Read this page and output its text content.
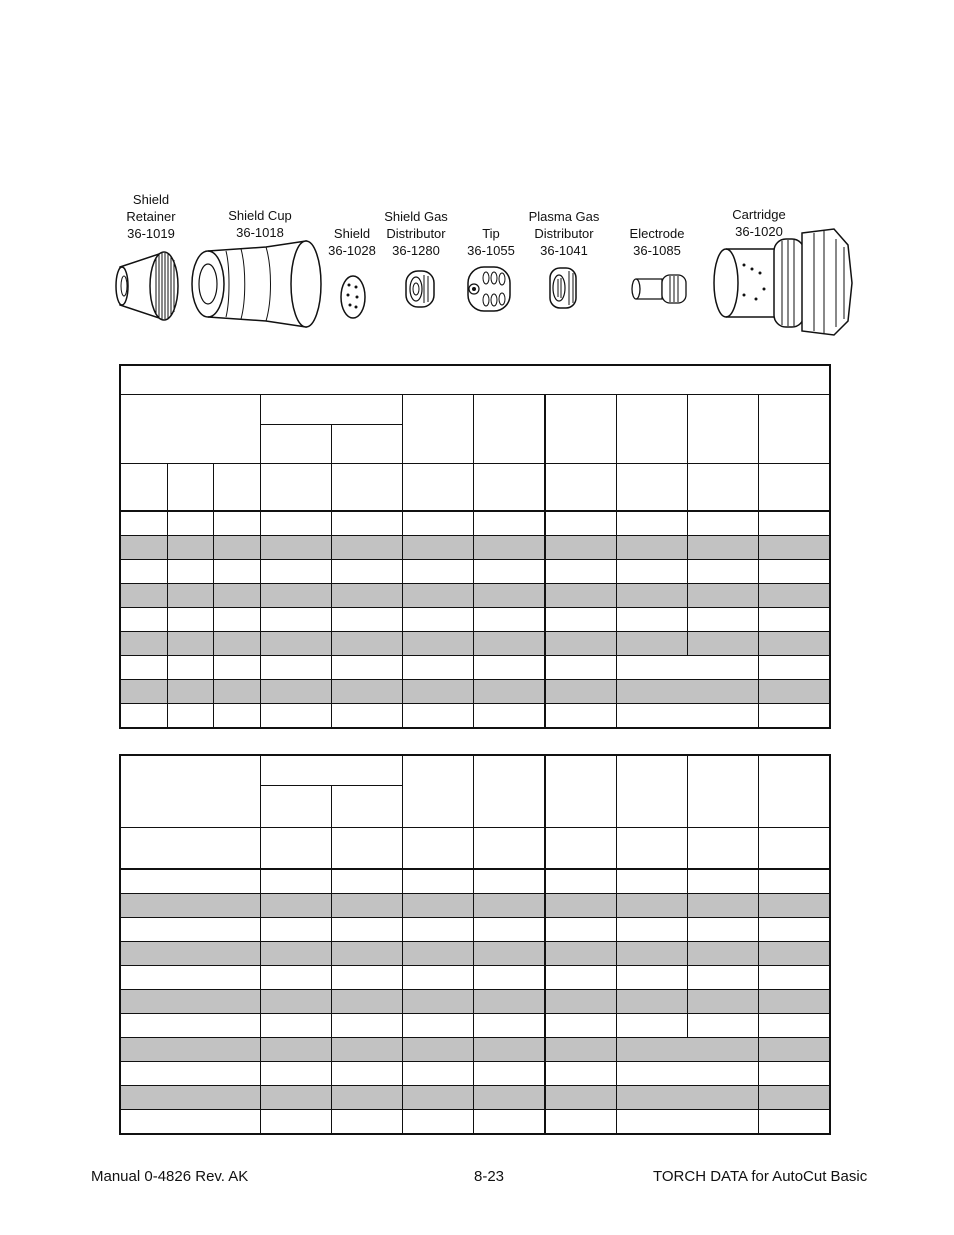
Shield
Retainer
36-1019
Shield Cup
36-1018	Shield
36-1028
Shield Gas
Distributor
36-1280
Tip
36-1055
Plasma Gas
Distributor
36-1041
Electrode
36-1085
Cartridge
36-1020

Manual 0-4826 Rev. AK	8-23	TORCH DATA for AutoCut Basic
